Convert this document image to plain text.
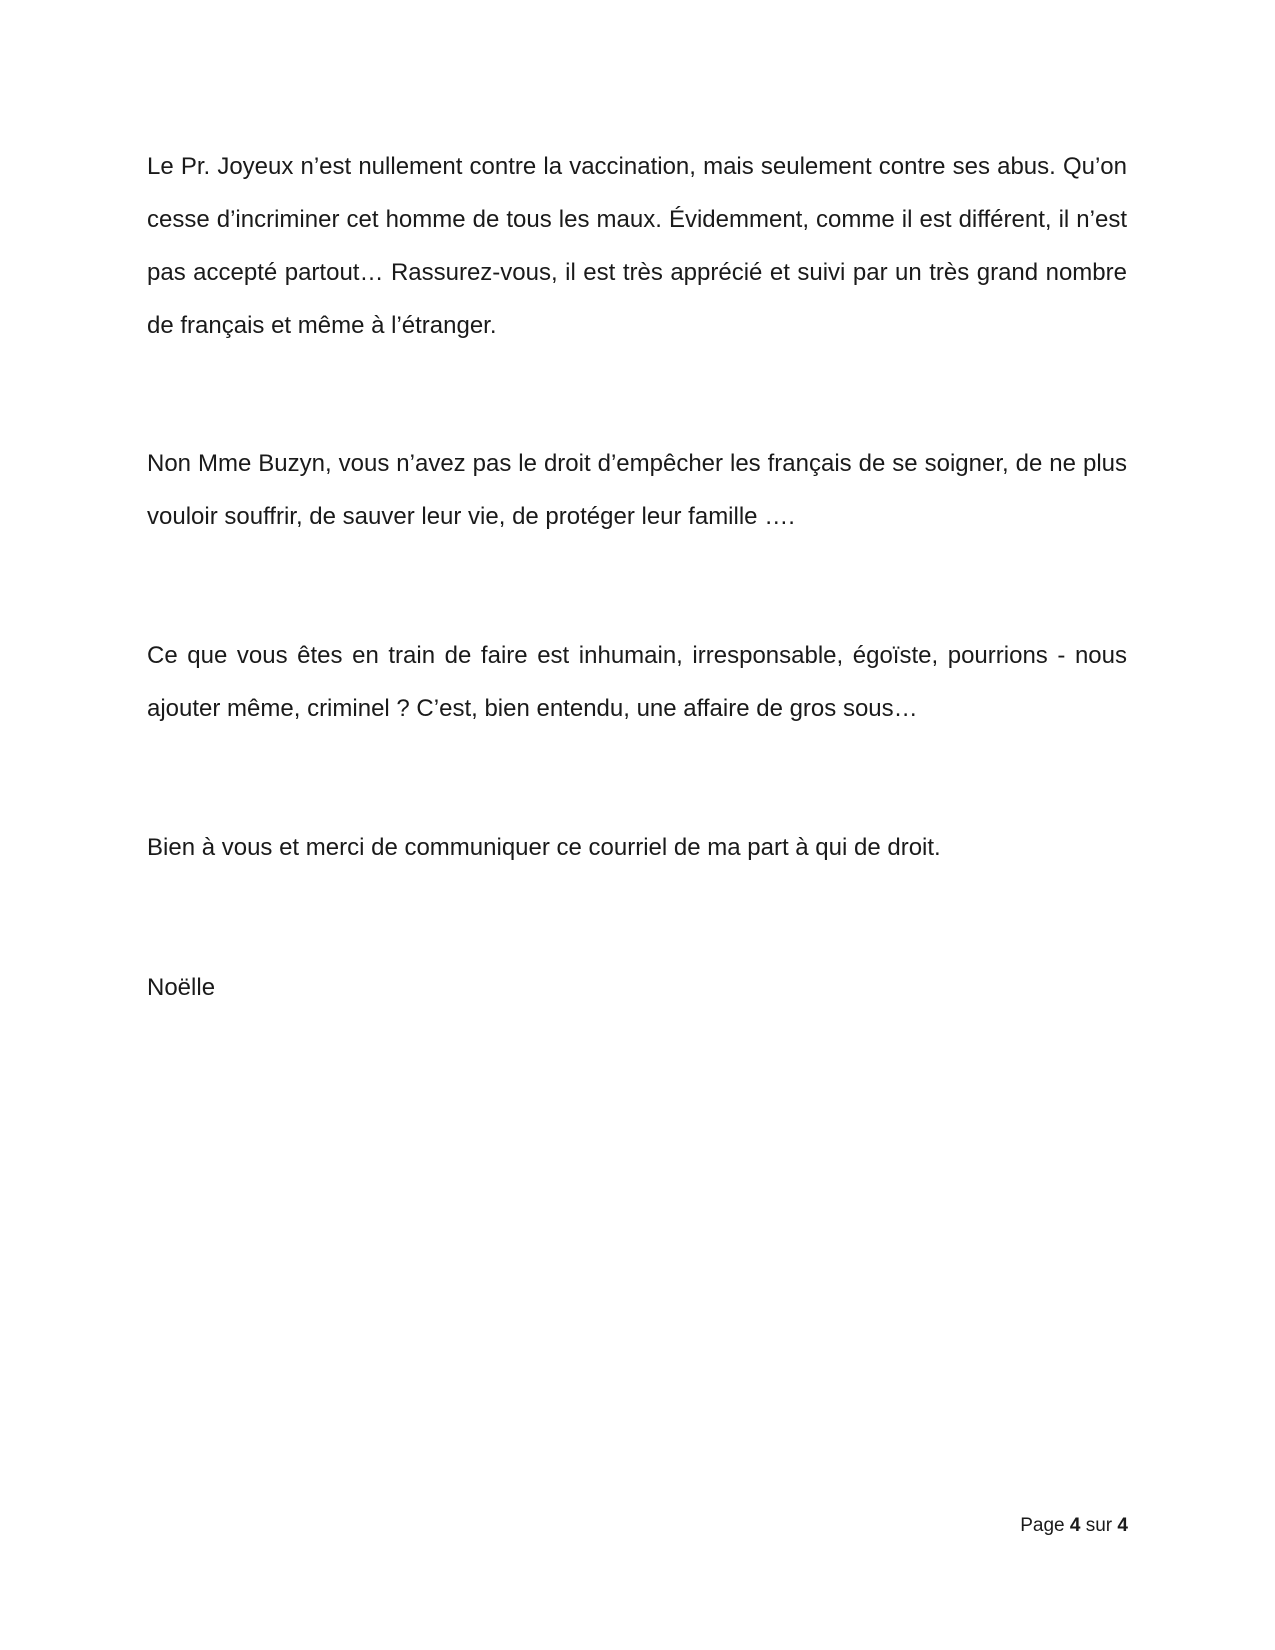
Le Pr. Joyeux n’est nullement contre la vaccination, mais seulement contre ses abus. Qu’on cesse d’incriminer cet homme de tous les maux. Évidemment, comme il est différent, il n’est pas accepté partout… Rassurez-vous, il est très apprécié et suivi par un très grand nombre de français et même à l’étranger.

Non Mme Buzyn, vous n’avez pas le droit d’empêcher les français de se soigner, de ne plus vouloir souffrir, de sauver leur vie, de protéger leur famille ….

Ce que vous êtes en train de faire est inhumain, irresponsable, égoïste, pourrions - nous ajouter même, criminel ? C’est, bien entendu, une affaire de gros sous…

Bien à vous et merci de communiquer ce courriel de ma part à qui de droit.

Noëlle

Page 4 sur 4
